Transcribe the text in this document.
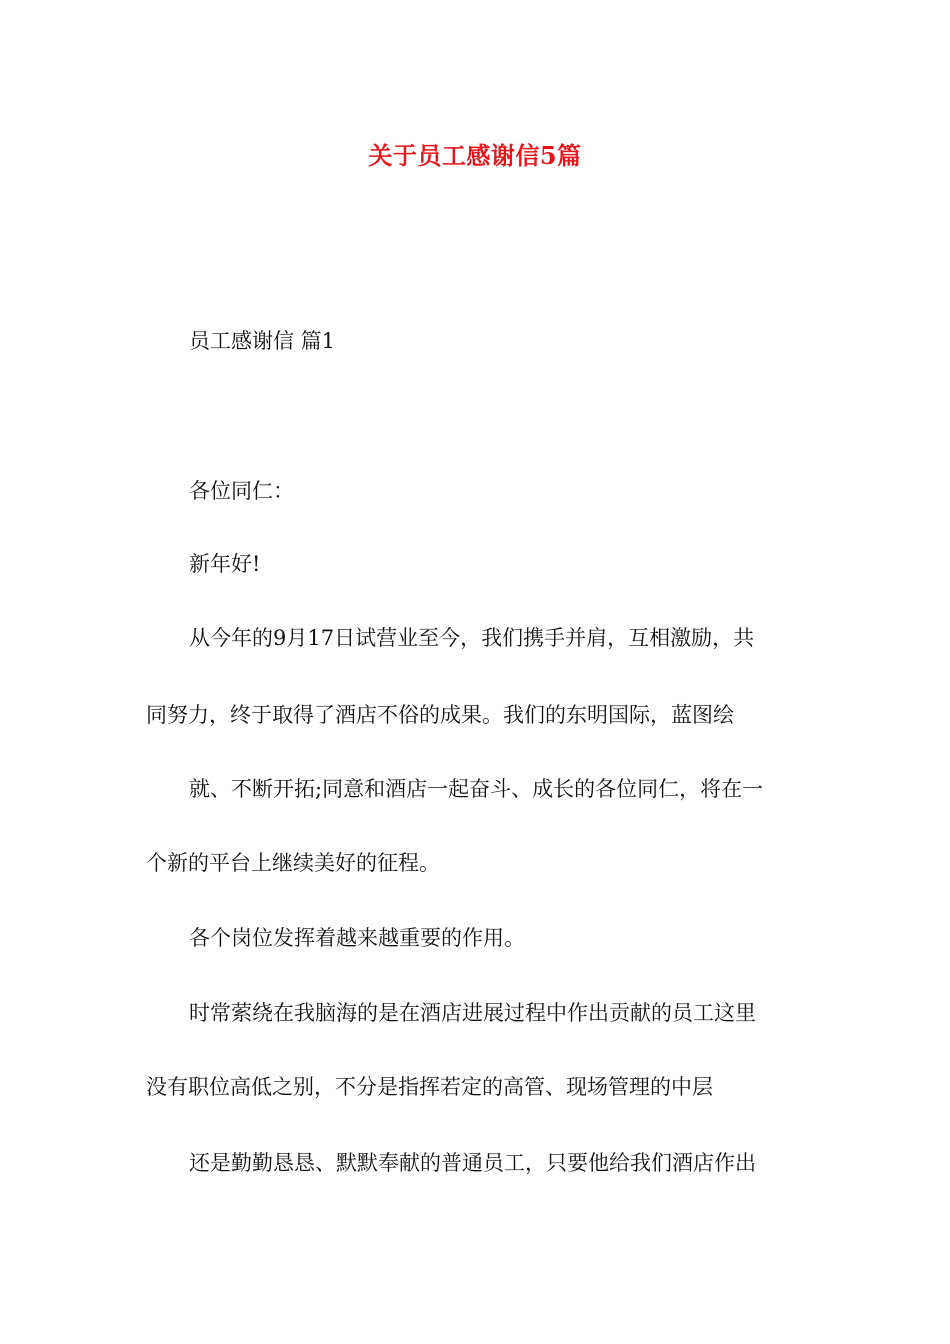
关于员工感谢信5篇
员工感谢信 篇1
各位同仁：
新年好!
从今年的9月17日试营业至今，我们携手并肩，互相激励，共
同努力，终于取得了酒店不俗的成果。我们的东明国际，蓝图绘
就、不断开拓;同意和酒店一起奋斗、成长的各位同仁，将在一
个新的平台上继续美好的征程。
各个岗位发挥着越来越重要的作用。
时常萦绕在我脑海的是在酒店进展过程中作出贡献的员工这里
没有职位高低之别，不分是指挥若定的高管、现场管理的中层
还是勤勤恳恳、默默奉献的普通员工，只要他给我们酒店作出
